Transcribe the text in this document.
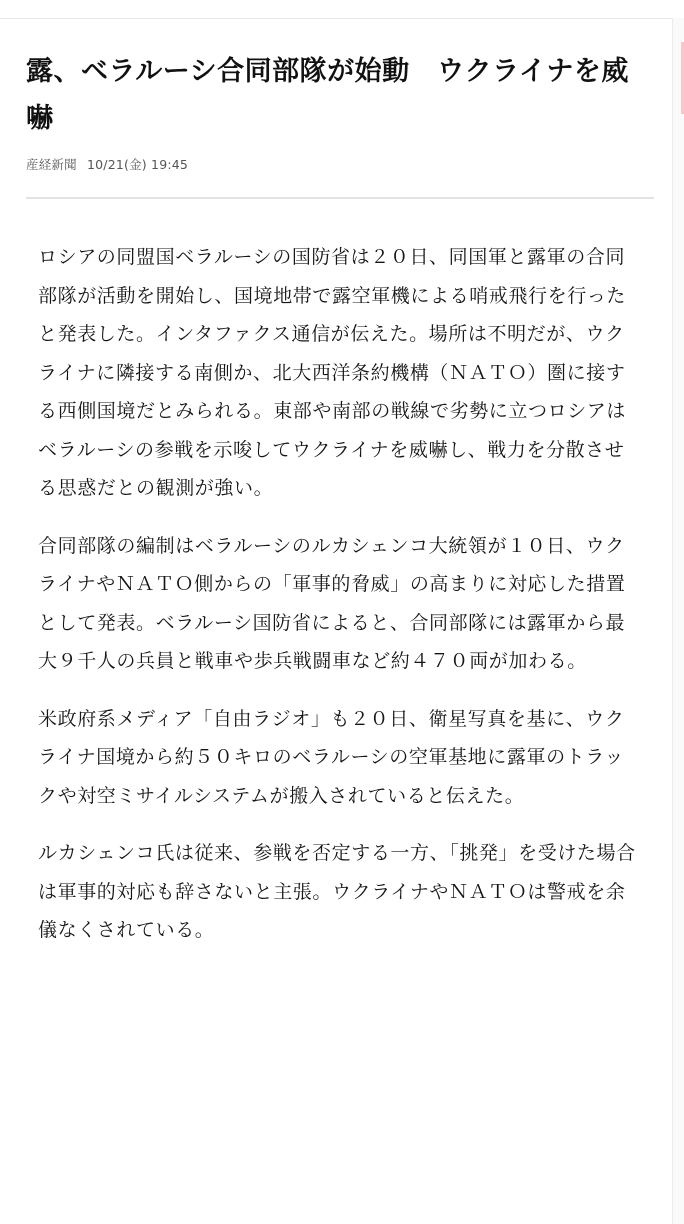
露、ベラルーシ合同部隊が始動　ウクライナを威嚇
産経新聞 10/21(金) 19:45

ロシアの同盟国ベラルーシの国防省は２０日、同国軍と露軍の合同部隊が活動を開始し、国境地帯で露空軍機による哨戒飛行を行ったと発表した。インタファクス通信が伝えた。場所は不明だが、ウクライナに隣接する南側か、北大西洋条約機構（ＮＡＴＯ）圏に接する西側国境だとみられる。東部や南部の戦線で劣勢に立つロシアはベラルーシの参戦を示唆してウクライナを威嚇し、戦力を分散させる思惑だとの観測が強い。

合同部隊の編制はベラルーシのルカシェンコ大統領が１０日、ウクライナやＮＡＴＯ側からの「軍事的脅威」の高まりに対応した措置として発表。ベラルーシ国防省によると、合同部隊には露軍から最大９千人の兵員と戦車や歩兵戦闘車など約４７０両が加わる。

米政府系メディア「自由ラジオ」も２０日、衛星写真を基に、ウクライナ国境から約５０キロのベラルーシの空軍基地に露軍のトラックや対空ミサイルシステムが搬入されていると伝えた。

ルカシェンコ氏は従来、参戦を否定する一方、「挑発」を受けた場合は軍事的対応も辞さないと主張。ウクライナやＮＡＴＯは警戒を余儀なくされている。
